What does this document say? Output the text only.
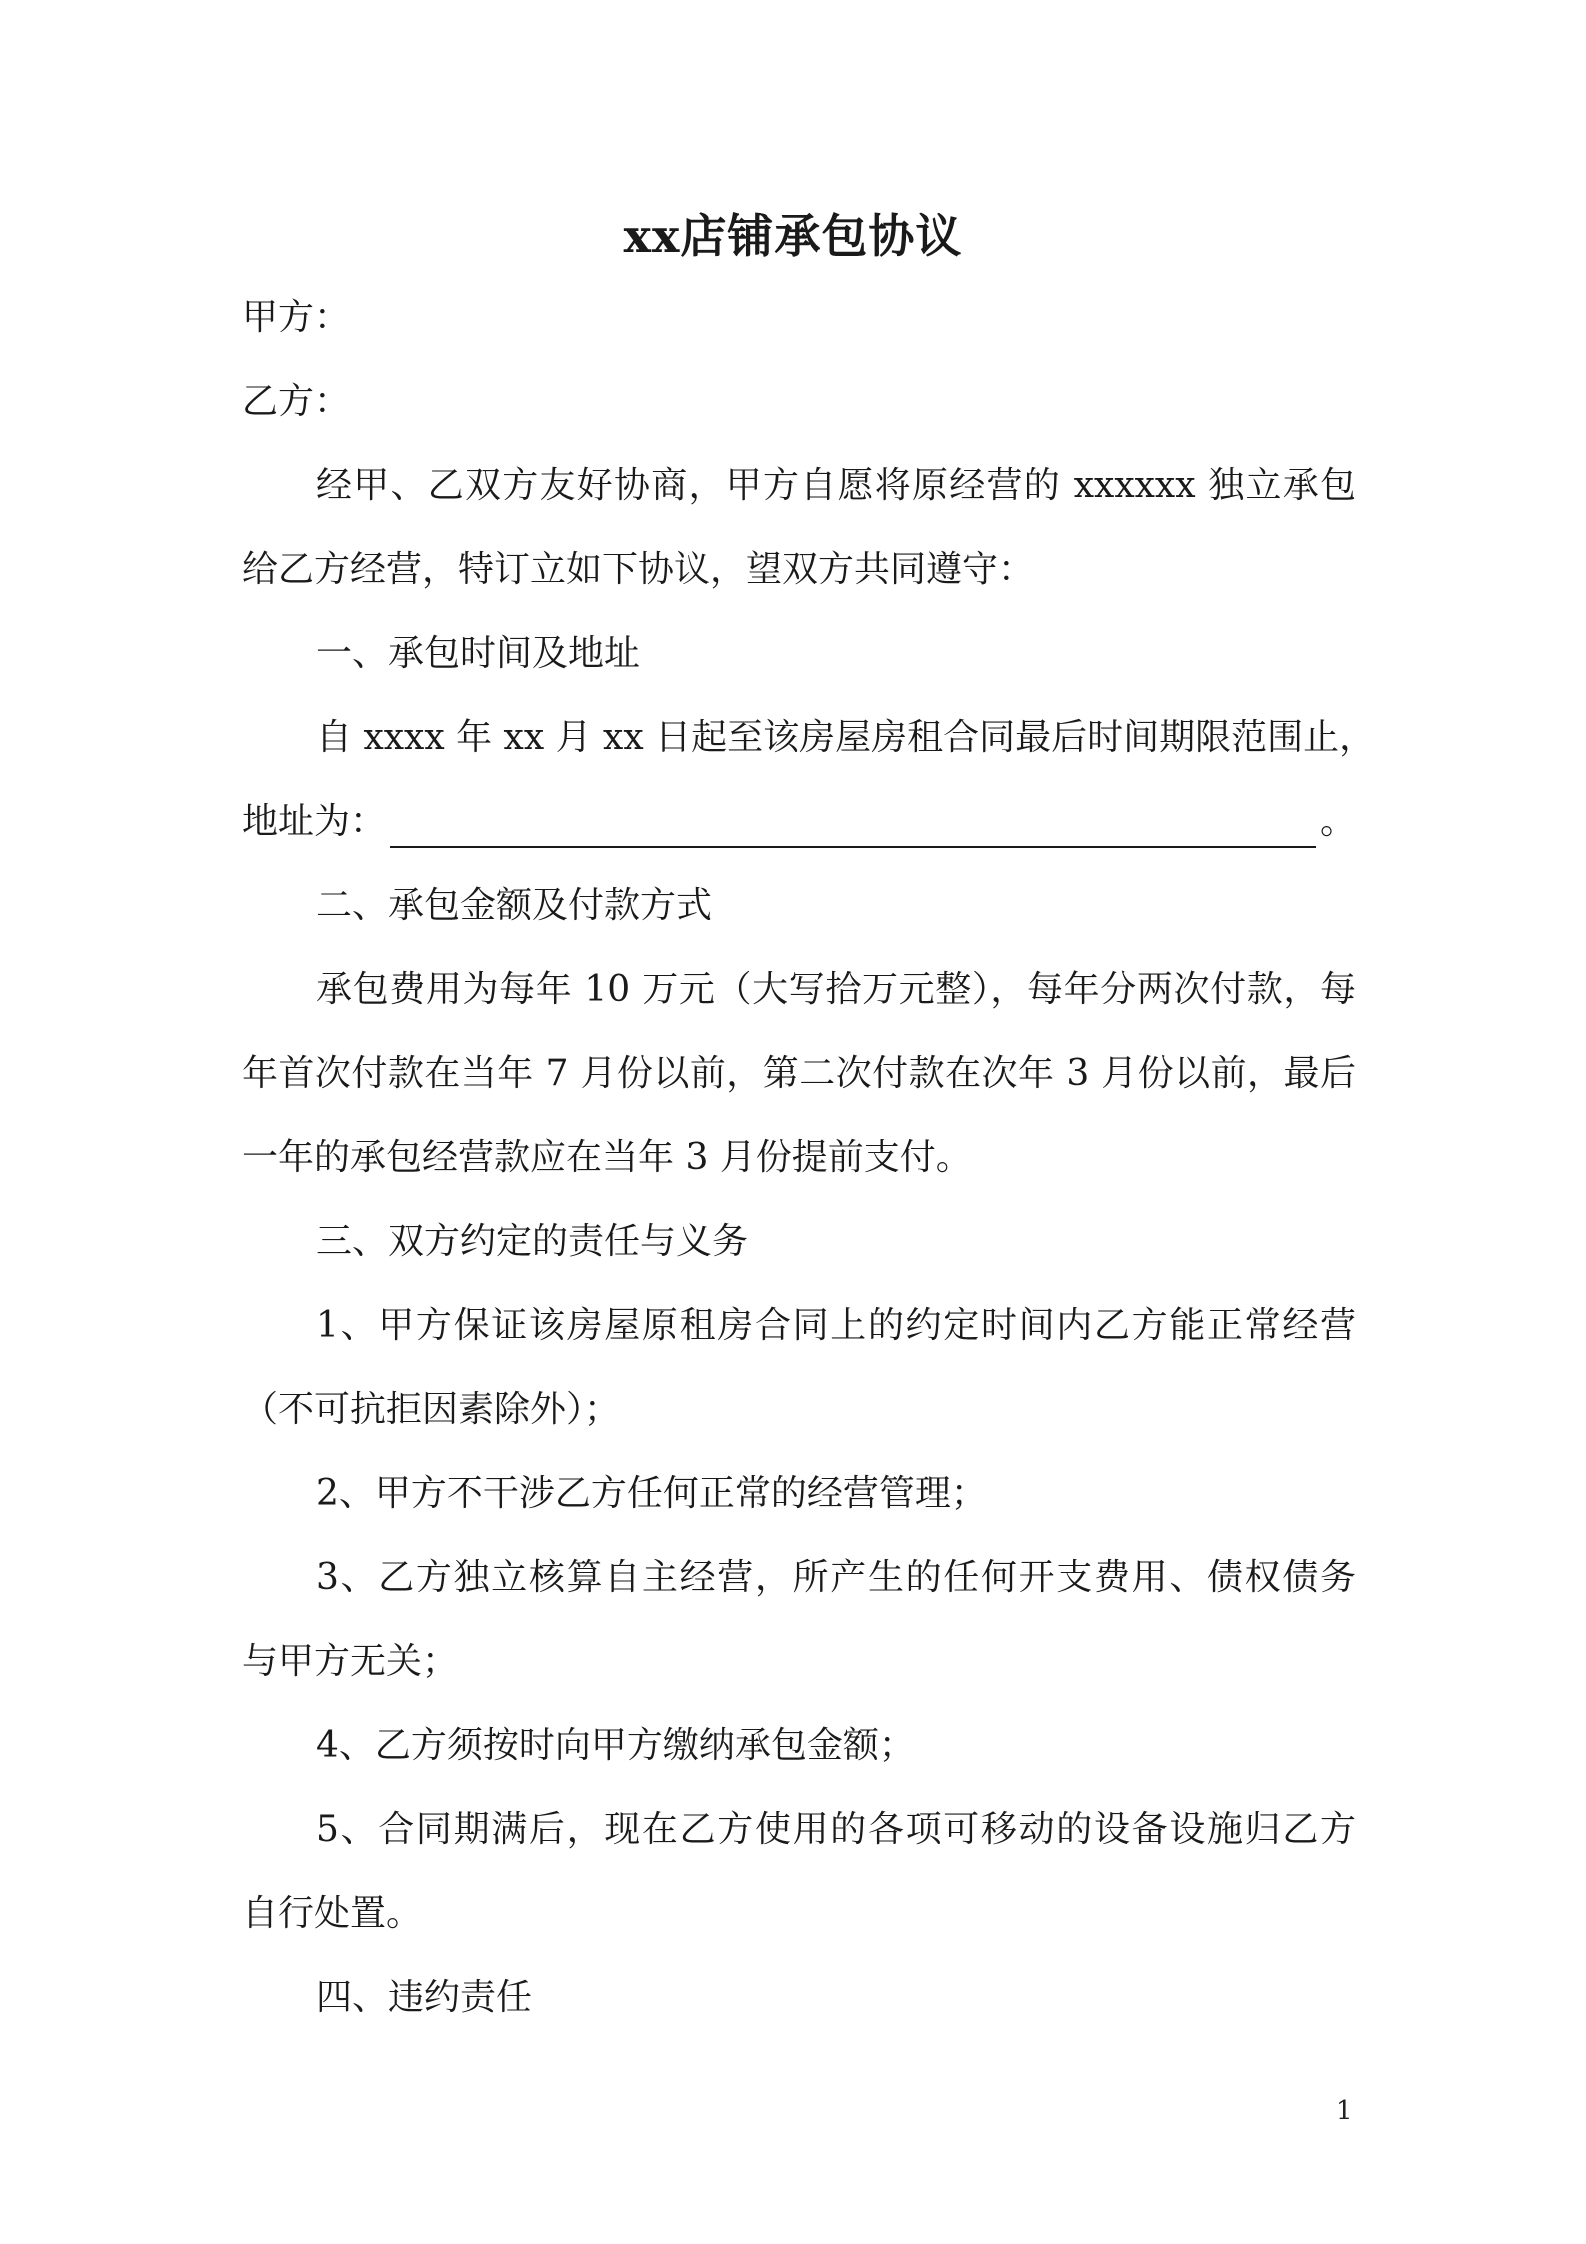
xx店铺承包协议
甲方：
乙方：
经甲、乙双方友好协商，甲方自愿将原经营的 xxxxxx 独立承包
给乙方经营，特订立如下协议，望双方共同遵守：
一、承包时间及地址
自 xxxx 年 xx 月 xx 日起至该房屋房租合同最后时间期限范围止，
地址为：	。
二、承包金额及付款方式
承包费用为每年 10 万元（大写拾万元整），每年分两次付款，每
年首次付款在当年 7 月份以前，第二次付款在次年 3 月份以前，最后
一年的承包经营款应在当年 3 月份提前支付。
三、双方约定的责任与义务
1、甲方保证该房屋原租房合同上的约定时间内乙方能正常经营
（不可抗拒因素除外）；
2、甲方不干涉乙方任何正常的经营管理；
3、乙方独立核算自主经营，所产生的任何开支费用、债权债务
与甲方无关；
4、乙方须按时向甲方缴纳承包金额；
5、合同期满后，现在乙方使用的各项可移动的设备设施归乙方
自行处置。
四、违约责任
1
